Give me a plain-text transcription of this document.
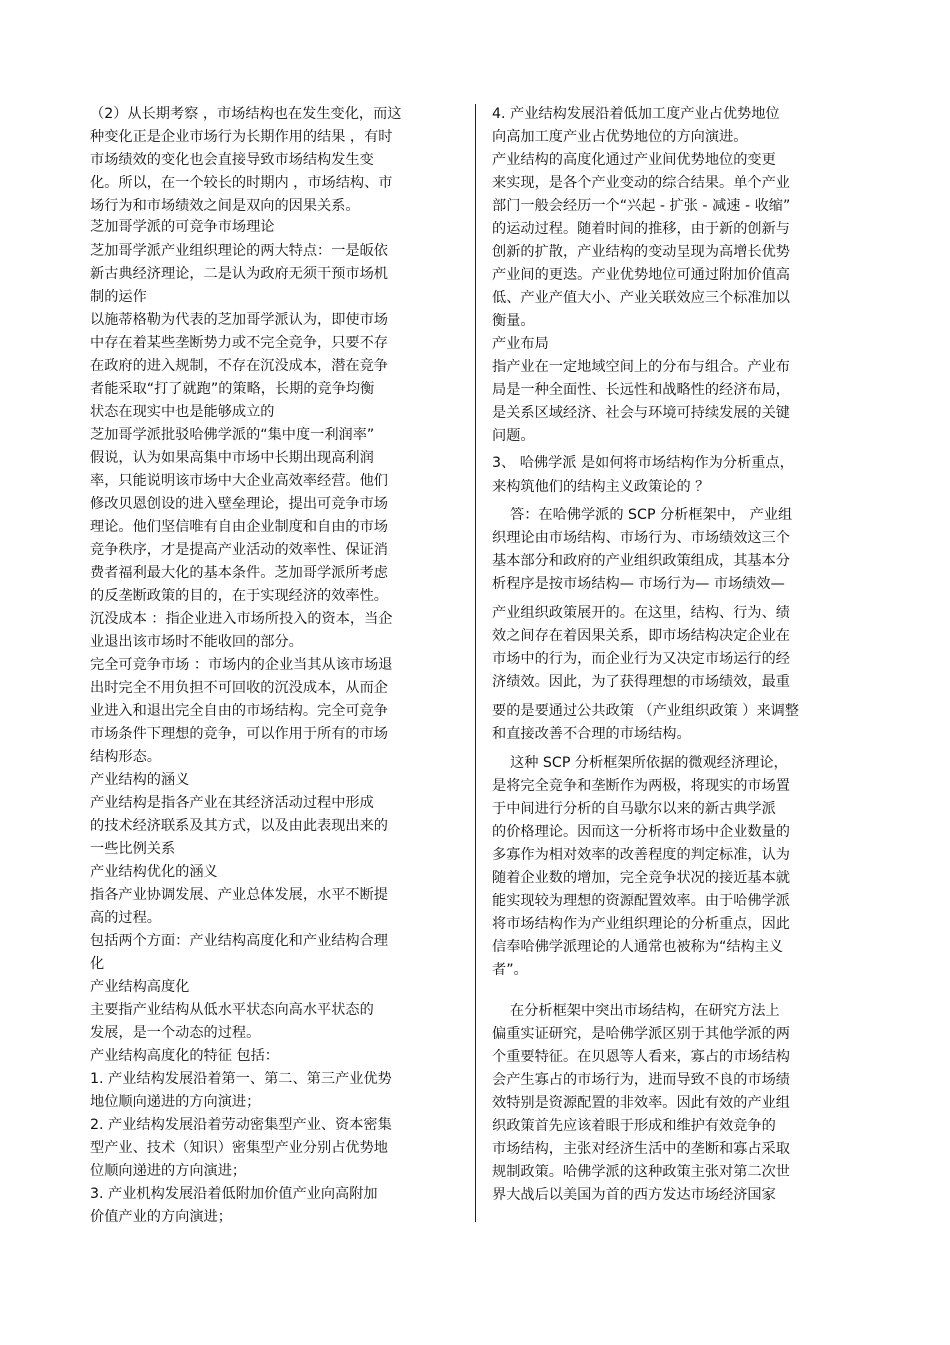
（2）从长期考察 ，市场结构也在发生变化，而这
种变化正是企业市场行为长期作用的结果 ，有时
市场绩效的变化也会直接导致市场结构发生变
化。所以，在一个较长的时期内 ，市场结构、市
场行为和市场绩效之间是双向的因果关系。
芝加哥学派的可竞争市场理论
芝加哥学派产业组织理论的两大特点：一是皈依
新古典经济理论，二是认为政府无须干预市场机
制的运作
以施蒂格勒为代表的芝加哥学派认为，即使市场
中存在着某些垄断势力或不完全竞争，只要不存
在政府的进入规制，不存在沉没成本，潜在竞争
者能采取“打了就跑”的策略，长期的竞争均衡
状态在现实中也是能够成立的
芝加哥学派批驳哈佛学派的“集中度一利润率”
假说，认为如果高集中市场中长期出现高利润
率，只能说明该市场中大企业高效率经营。他们
修改贝恩创设的进入壁垒理论，提出可竞争市场
理论。他们坚信唯有自由企业制度和自由的市场
竞争秩序，才是提高产业活动的效率性、保证消
费者福利最大化的基本条件。芝加哥学派所考虑
的反垄断政策的目的，在于实现经济的效率性。
沉没成本 ：指企业进入市场所投入的资本，当企
业退出该市场时不能收回的部分。
完全可竞争市场 ：市场内的企业当其从该市场退
出时完全不用负担不可回收的沉没成本，从而企
业进入和退出完全自由的市场结构。完全可竞争
市场条件下理想的竞争，可以作用于所有的市场
结构形态。
产业结构的涵义
产业结构是指各产业在其经济活动过程中形成
的技术经济联系及其方式，以及由此表现出来的
一些比例关系
产业结构优化的涵义
指各产业协调发展、产业总体发展，水平不断提
高的过程。
包括两个方面：产业结构高度化和产业结构合理
化
产业结构高度化
主要指产业结构从低水平状态向高水平状态的
发展，是一个动态的过程。
产业结构高度化的特征 包括：
1. 产业结构发展沿着第一、第二、第三产业优势
地位顺向递进的方向演进；
2. 产业结构发展沿着劳动密集型产业、资本密集
型产业、技术（知识）密集型产业分别占优势地
位顺向递进的方向演进；
3. 产业机构发展沿着低附加价值产业向高附加
价值产业的方向演进；
4. 产业结构发展沿着低加工度产业占优势地位
向高加工度产业占优势地位的方向演进。
产业结构的高度化通过产业间优势地位的变更
来实现，是各个产业变动的综合结果。单个产业
部门一般会经历一个“兴起 - 扩张 - 减速 - 收缩”
的运动过程。随着时间的推移，由于新的创新与
创新的扩散，产业结构的变动呈现为高增长优势
产业间的更迭。产业优势地位可通过附加价值高
低、产业产值大小、产业关联效应三个标准加以
衡量。
产业布局
指产业在一定地域空间上的分布与组合。产业布
局是一种全面性、长远性和战略性的经济布局，
是关系区域经济、社会与环境可持续发展的关键
问题。
3、 哈佛学派 是如何将市场结构作为分析重点，
来构筑他们的结构主义政策论的 ？
答：在哈佛学派的 SCP 分析框架中， 产业组
织理论由市场结构、市场行为、市场绩效这三个
基本部分和政府的产业组织政策组成，其基本分
析程序是按市场结构— 市场行为— 市场绩效—
产业组织政策展开的。在这里，结构、行为、绩
效之间存在着因果关系，即市场结构决定企业在
市场中的行为，而企业行为又决定市场运行的经
济绩效。因此，为了获得理想的市场绩效，最重
要的是要通过公共政策 （产业组织政策 ）来调整
和直接改善不合理的市场结构。
这种 SCP 分析框架所依据的微观经济理论，
是将完全竞争和垄断作为两极，将现实的市场置
于中间进行分析的自马歇尔以来的新古典学派
的价格理论。因而这一分析将市场中企业数量的
多寡作为相对效率的改善程度的判定标准，认为
随着企业数的增加，完全竞争状况的接近基本就
能实现较为理想的资源配置效率。由于哈佛学派
将市场结构作为产业组织理论的分析重点，因此
信奉哈佛学派理论的人通常也被称为“结构主义
者”。
在分析框架中突出市场结构，在研究方法上
偏重实证研究，是哈佛学派区别于其他学派的两
个重要特征。在贝恩等人看来，寡占的市场结构
会产生寡占的市场行为，进而导致不良的市场绩
效特别是资源配置的非效率。因此有效的产业组
织政策首先应该着眼于形成和维护有效竞争的
市场结构，主张对经济生活中的垄断和寡占采取
规制政策。哈佛学派的这种政策主张对第二次世
界大战后以美国为首的西方发达市场经济国家
